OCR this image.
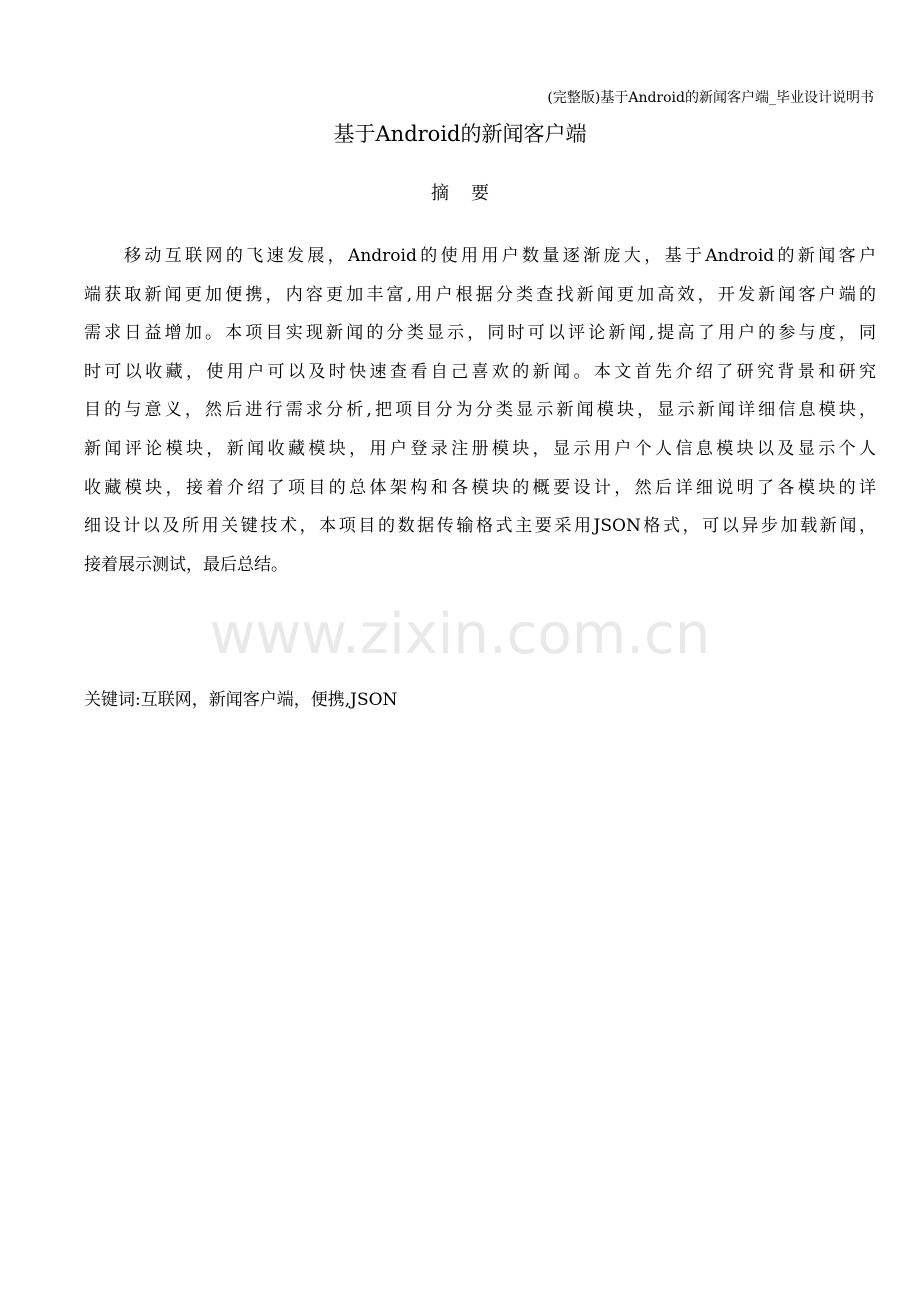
(完整版)基于Android的新闻客户端_毕业设计说明书
基于Android的新闻客户端
摘要
移动互联网的飞速发展，Android的使用用户数量逐渐庞大，基于Android的新闻客户
端获取新闻更加便携，内容更加丰富,用户根据分类查找新闻更加高效，开发新闻客户端的
需求日益增加。本项目实现新闻的分类显示，同时可以评论新闻,提高了用户的参与度，同
时可以收藏，使用户可以及时快速查看自己喜欢的新闻。本文首先介绍了研究背景和研究
目的与意义，然后进行需求分析,把项目分为分类显示新闻模块，显示新闻详细信息模块，
新闻评论模块，新闻收藏模块，用户登录注册模块，显示用户个人信息模块以及显示个人
收藏模块，接着介绍了项目的总体架构和各模块的概要设计，然后详细说明了各模块的详
细设计以及所用关键技术，本项目的数据传输格式主要采用JSON格式，可以异步加载新闻，
接着展示测试，最后总结。
关键词:互联网，新闻客户端，便携,JSON
www.zixin.com.cn
